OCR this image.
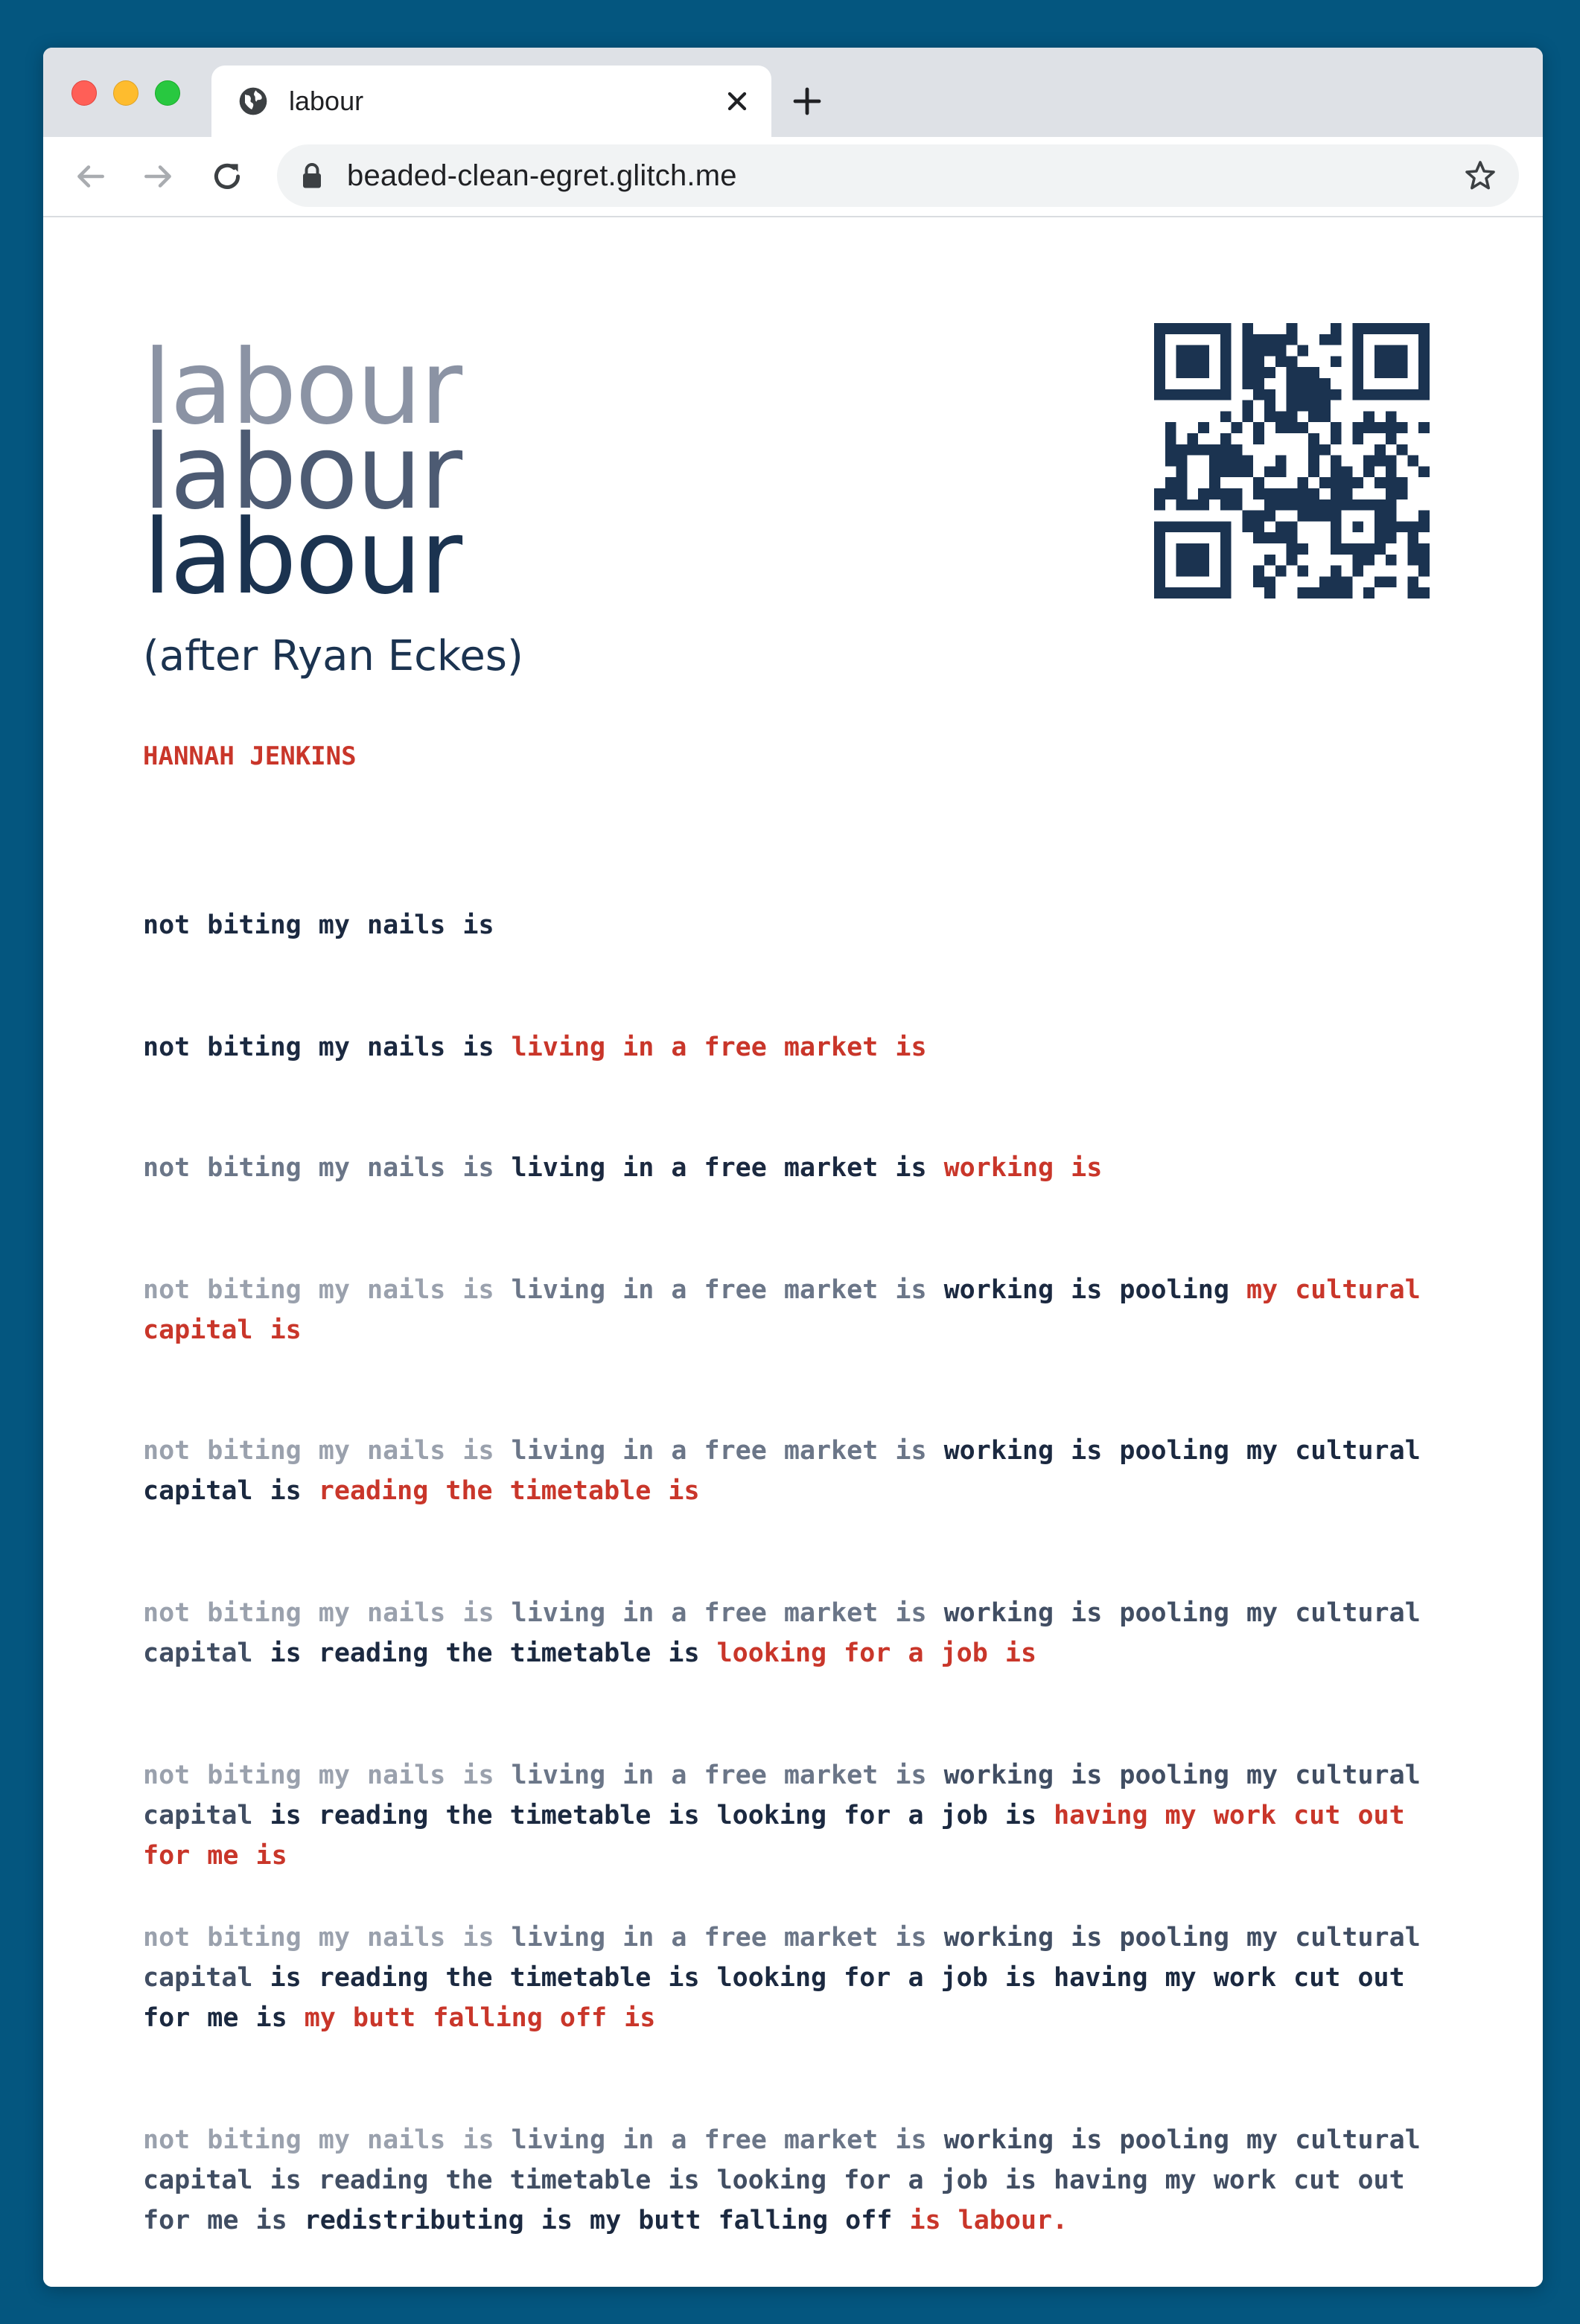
labour
beaded-clean-egret.glitch.me
labour
labour
labour
(after Ryan Eckes)
HANNAH JENKINS
not biting my nails is
not biting my nails is living in a free market is
not biting my nails is living in a free market is working is
not biting my nails is living in a free market is working is pooling my cultural capital is
not biting my nails is living in a free market is working is pooling my cultural capital is reading the timetable is
not biting my nails is living in a free market is working is pooling my cultural capital is reading the timetable is looking for a job is
not biting my nails is living in a free market is working is pooling my cultural capital is reading the timetable is looking for a job is having my work cut out for me is
not biting my nails is living in a free market is working is pooling my cultural capital is reading the timetable is looking for a job is having my work cut out for me is my butt falling off is
not biting my nails is living in a free market is working is pooling my cultural capital is reading the timetable is looking for a job is having my work cut out for me is redistributing is my butt falling off is labour.
